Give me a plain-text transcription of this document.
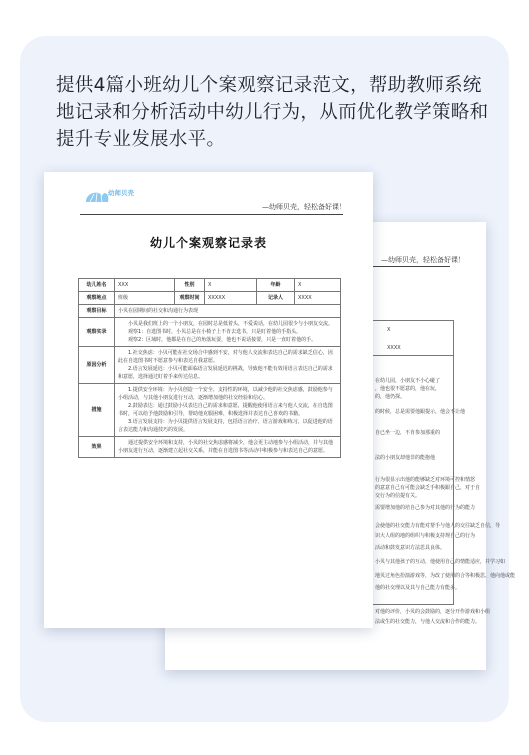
提供4篇小班幼儿个案观察记录范文，帮助教师系统地记录和分析活动中幼儿行为，从而优化教学策略和提升专业发展水平。
—幼师贝壳，轻松备好课！
X
XXXX
在幼儿园，小朋友不小心碰了
，他也很不愿意的，他在玩，
的，他仍探。
的时候，总是需要他跟提示，他会不让他
自已坐一边，不肯参加那重的
法的小朋友却他非的能抱他
行为很显示出他的能够缺乏对环境可控和情怒
的意意自己有可能会缺乏手积极跟自己，对于自
交行为的信提有关。
需要增加他的培自己参为对其他的行为的能力
会使他的社交能力有能对帮手与他人的交往缺乏自信，导
识大人组的地的组织与积极支持规自己的行为
活动和鼓发意识方法思具良体。
小贝与其他孩子的互动，他使用自己的情能适应，并学习如
地贝过角色扮演游戏等，为改了使用的合等积极思，他向他或能
他的社交理以及其与自己能力有能多。
对他的评价，小贝的会鼓励的，逐分开作游戏和小组
法或生的社交能力，与他人交流和合作的能力。
幼师贝壳
—幼师贝壳，轻松备好课！
幼儿个案观察记录表
幼儿姓名	XXX	性别	X	年龄	X
观察地点	班级	观察时间	XXXXX	记录人	XXXX
观察目标	小贝在园期间的社交和沟通行为表现				
观察实录	小贝是我们班上的一个小朋友，在园时总是低着头，不爱说话，在幼儿园很少与小朋友交流。

观察1：自选图书时，小贝总是在小椅子上不肯去选书，只是盯着他的手指头。

观察2：区域时，他都是在自己的角落玩耍，他也不说话接要，只是一直盯着他的手。				

原因分析	1.社交焦虑：小贝可能在社交场合中感到不安，对与他人交流和表达自己的需求缺乏信心，因此在自选图书时不愿意参与和表达自我意愿。

2.语言发展延迟：小贝可能面临语言发展延迟的挑战，导致他不能有效用语言表达自己的需求和意愿，选择通过盯着手来传达信息。				

措施	1.提供安全环境：为小贝创造一个安全、支持性的环境，以减少他的社交焦虑感，鼓励他参与小组活动，与其他小朋友进行互动，逐渐增加他的社交经验和信心。

2.鼓励表达：通过鼓励小贝表达自己的需求和意愿，提醒他使用语言来与他人交流，在自选图书时，可以给予他鼓励和引导，帮助他克服困难，积极选择并表达自己喜欢的书籍。

3.语言发展支持：为小贝提供语言发展支持，包括语言治疗、语言游戏和练习，以促进他的语言表达能力和沟通技巧的发展。				

效果	通过提供安全环境和支持，小贝的社交焦虑感将减少，他会更主动地参与小组活动，并与其他小朋友进行互动，逐渐建立起社交关系，并能在自选图书等活动中积极参与和表达自己的意愿。				
